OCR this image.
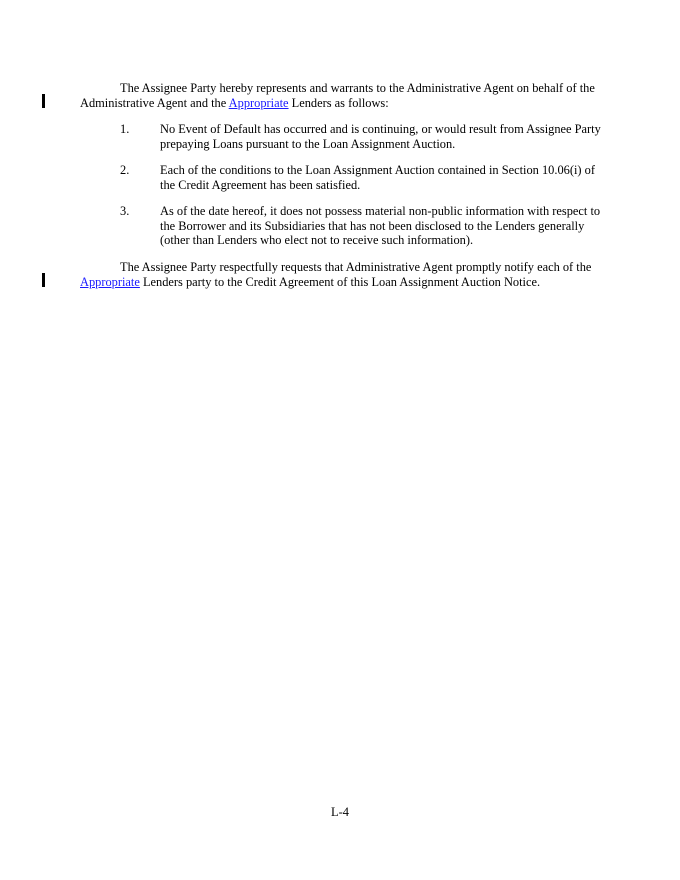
The Assignee Party hereby represents and warrants to the Administrative Agent on behalf of the Administrative Agent and the Appropriate Lenders as follows:

1.	No Event of Default has occurred and is continuing, or would result from Assignee Party prepaying Loans pursuant to the Loan Assignment Auction.
2.	Each of the conditions to the Loan Assignment Auction contained in Section 10.06(i) of the Credit Agreement has been satisfied.
3.	As of the date hereof, it does not possess material non-public information with respect to the Borrower and its Subsidiaries that has not been disclosed to the Lenders generally (other than Lenders who elect not to receive such information).

The Assignee Party respectfully requests that Administrative Agent promptly notify each of the Appropriate Lenders party to the Credit Agreement of this Loan Assignment Auction Notice.

L-4
